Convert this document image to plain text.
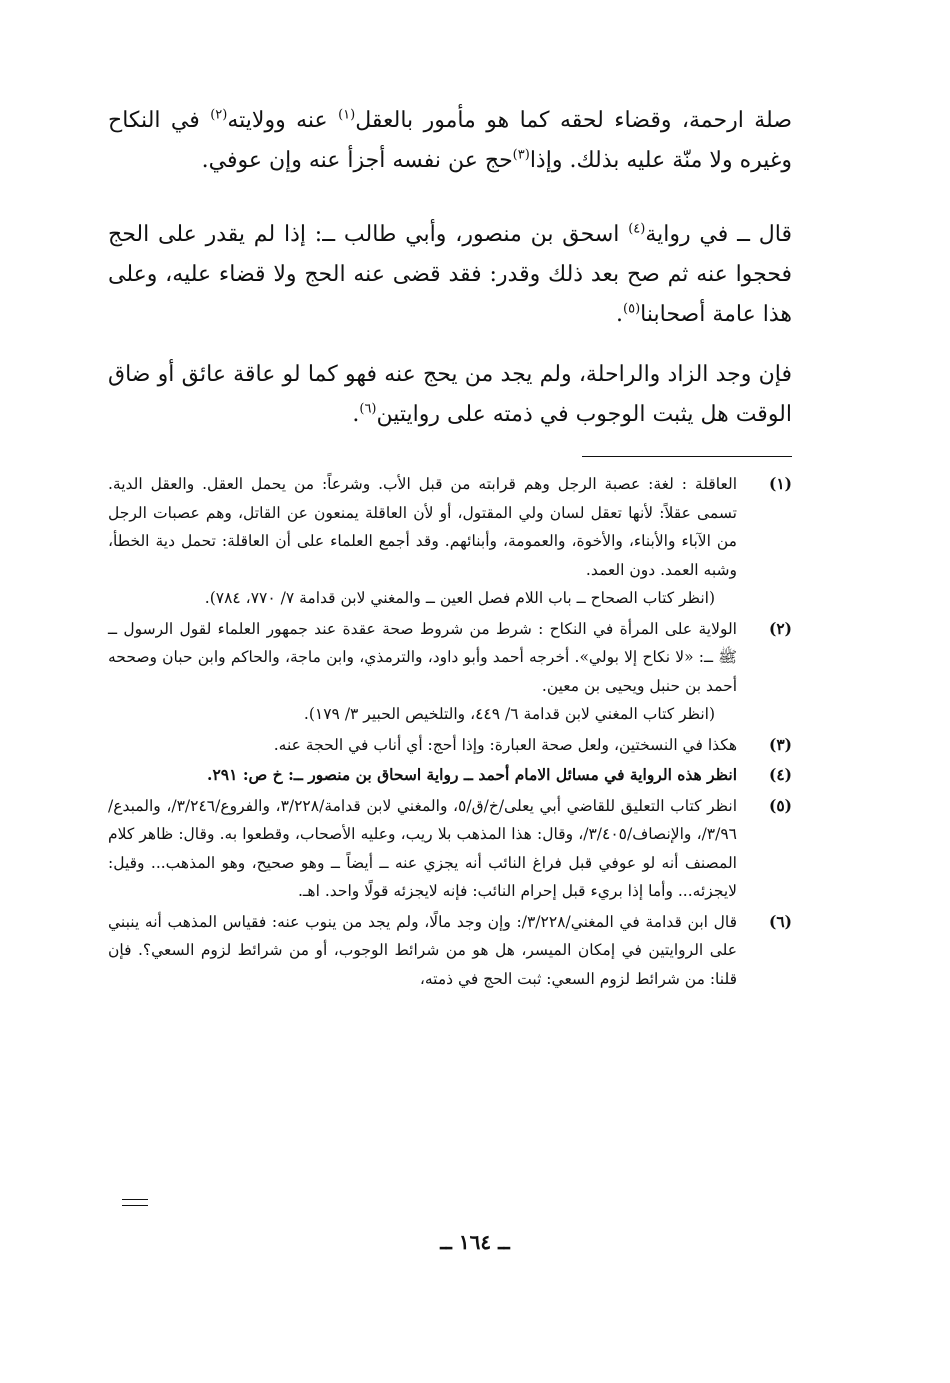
صلة ارحمة، وقضاء لحقه كما هو مأمور بالعقل$^{(١)}$ عنه وولايته$^{(٢)}$ في النكاح وغيره ولا منّة عليه بذلك. وإذا$^{(٣)}$حج عن نفسه أجزأ عنه وإن عوفي.

قال ــ في رواية$^{(٤)}$ اسحق بن منصور، وأبي طالب ــ: إذا لم يقدر على الحج فحجوا عنه ثم صح بعد ذلك وقدر: فقد قضى عنه الحج ولا قضاء عليه، وعلى هذا عامة أصحابنا$^{(٥)}$.

فإن وجد الزاد والراحلة، ولم يجد من يحج عنه فهو كما لو عاقة عائق أو ضاق الوقت هل يثبت الوجوب في ذمته على روايتين$^{(٦)}$.

(١)
العاقلة : لغة: عصبة الرجل وهم قرابته من قبل الأب. وشرعاً: من يحمل العقل. والعقل الدية. تسمى عقلاً: لأنها تعقل لسان ولي المقتول، أو لأن العاقلة يمنعون عن القاتل، وهم عصبات الرجل من الآباء والأبناء، والأخوة، والعمومة، وأبنائهم. وقد أجمع العلماء على أن العاقلة: تحمل دية الخطأ، وشبه العمد. دون العمد.
(انظر كتاب الصحاح ــ باب اللام فصل العين ــ والمغني لابن قدامة ٧/ ٧٧٠، ٧٨٤).
(٢)
الولاية على المرأة في النكاح : شرط من شروط صحة عقدة عند جمهور العلماء لقول الرسول ــ ﷺ ــ: «لا نكاح إلا بولي». أخرجه أحمد وأبو داود، والترمذي، وابن ماجة، والحاكم وابن حبان وصححه أحمد بن حنبل ويحيى بن معين.
(انظر كتاب المغني لابن قدامة ٦/ ٤٤٩، والتلخيص الحبير ٣/ ١٧٩).
(٣)
هكذا في النسختين، ولعل صحة العبارة: وإذا أحج: أي أناب في الحجة عنه.
(٤)
انظر هذه الرواية في مسائل الامام أحمد ــ رواية اسحاق بن منصور ــ: خ ص: ٢٩١.
(٥)
انظر كتاب التعليق للقاضي أبي يعلى/خ/ق/٥، والمغني لابن قدامة/٣/٢٢٨، والفروع/٣/٢٤٦/، والمبدع/٣/٩٦/، والإنصاف/٣/٤٠٥/، وقال: هذا المذهب بلا ريب، وعليه الأصحاب، وقطعوا به. وقال: ظاهر كلام المصنف أنه لو عوفي قبل فراغ النائب أنه يجزي عنه ــ أيضاً ــ وهو صحيح، وهو المذهب... وقيل: لايجزئه... وأما إذا بريء قبل إحرام النائب: فإنه لايجزئه قولًا واحد. اهـ.
(٦)
قال ابن قدامة في المغني/٣/٢٢٨/: وإن وجد مالًا، ولم يجد من ينوب عنه: فقياس المذهب أنه ينبني على الروايتين في إمكان الميسر، هل هو من شرائط الوجوب، أو من شرائط لزوم السعي؟. فإن قلنا: من شرائط لزوم السعي: ثبت الحج في ذمته،
ــ ١٦٤ ــ
